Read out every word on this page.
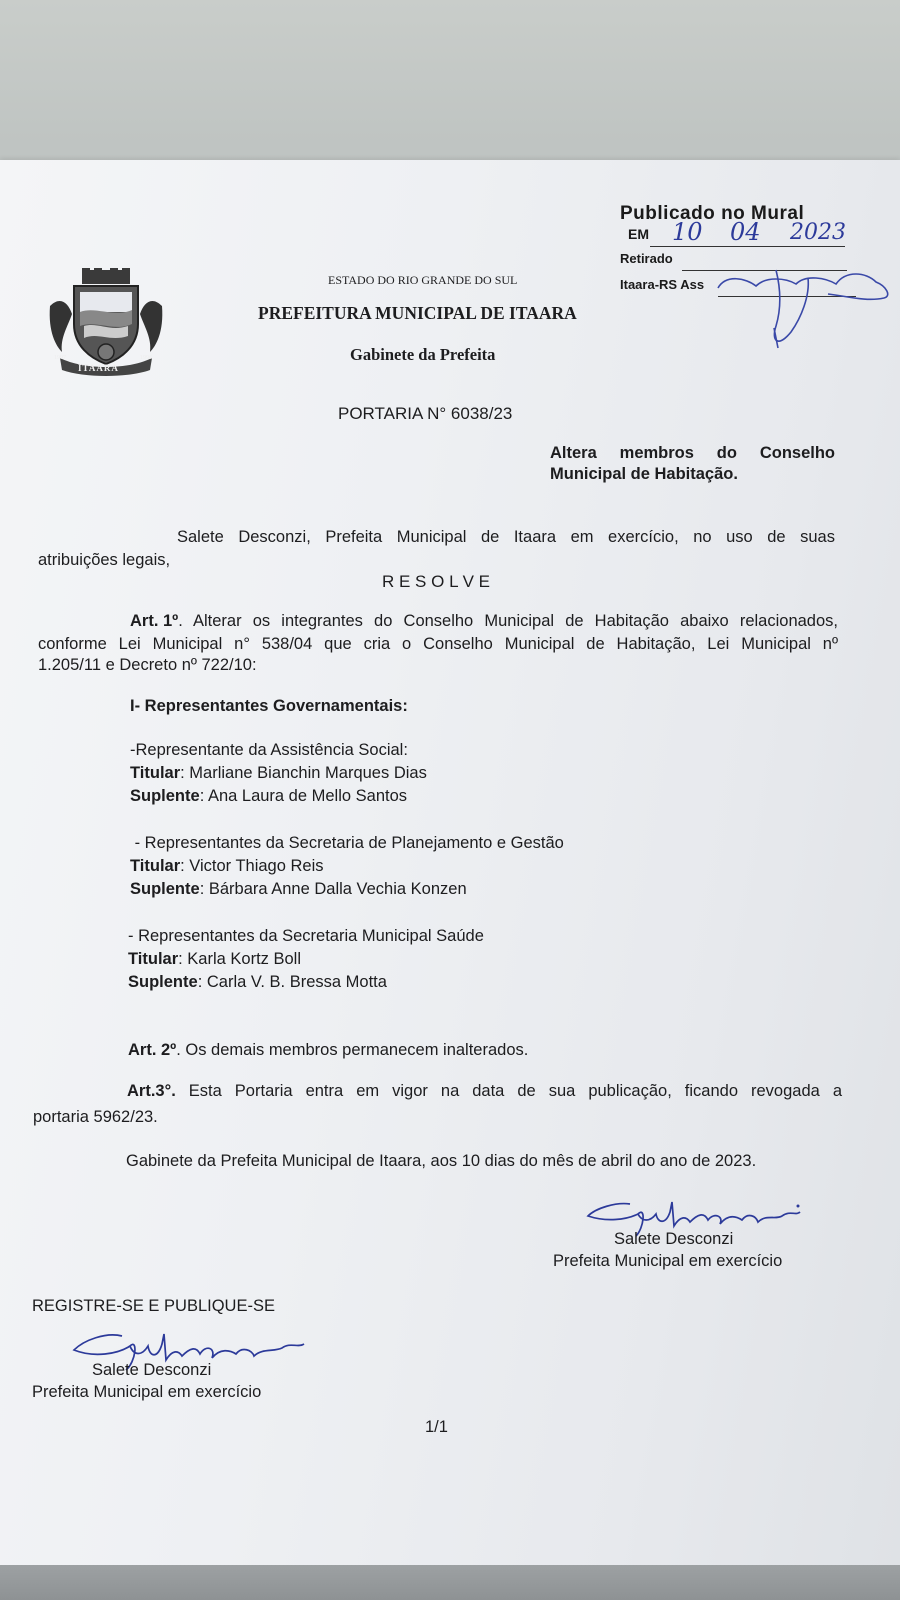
Publicado no Mural
EM 10 04 2023
Retirado
Itaara-RS Ass
ITAARA
1997	1996
ESTADO DO RIO GRANDE DO SUL
PREFEITURA MUNICIPAL DE ITAARA
Gabinete da Prefeita
PORTARIA N° 6038/23
Altera membros do Conselho
Municipal de Habitação.
Salete Desconzi, Prefeita Municipal de Itaara em exercício, no uso de suas
atribuições legais,
R E S O L V E
Art. 1º . Alterar os integrantes do Conselho Municipal de Habitação abaixo relacionados,
conforme Lei Municipal n° 538/04 que cria o Conselho Municipal de Habitação, Lei Municipal nº
1.205/11 e Decreto nº 722/10:
I- Representantes Governamentais:
-Representante da Assistência Social:
Titular: Marliane Bianchin Marques Dias
Suplente: Ana Laura de Mello Santos
- Representantes da Secretaria de Planejamento e Gestão
Titular: Victor Thiago Reis
Suplente: Bárbara Anne Dalla Vechia Konzen
- Representantes da Secretaria Municipal Saúde
Titular: Karla Kortz Boll
Suplente: Carla V. B. Bressa Motta
Art. 2º. Os demais membros permanecem inalterados.
Art.3°. Esta Portaria entra em vigor na data de sua publicação, ficando revogada a
portaria 5962/23.
Gabinete da Prefeita Municipal de Itaara, aos 10 dias do mês de abril do ano de 2023.
Salete Desconzi
Prefeita Municipal em exercício
REGISTRE-SE E PUBLIQUE-SE
Salete Desconzi
Prefeita Municipal em exercício
1/1
